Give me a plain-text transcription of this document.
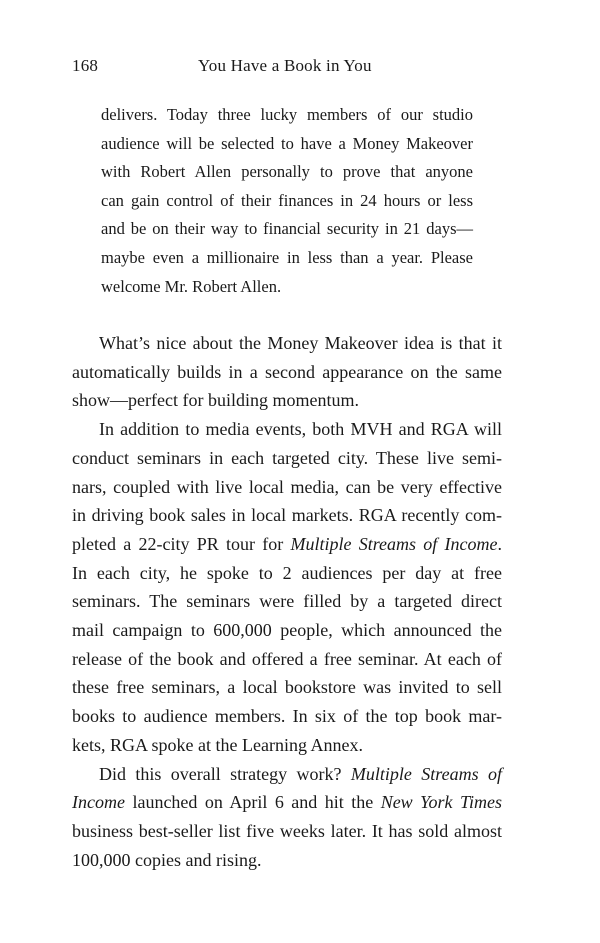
168	You Have a Book in You
delivers. Today three lucky members of our studio
audience will be selected to have a Money Makeover
with Robert Allen personally to prove that anyone
can gain control of their finances in 24 hours or less
and be on their way to financial security in 21 days—
maybe even a millionaire in less than a year. Please
welcome Mr. Robert Allen.
What’s nice about the Money Makeover idea is that it
automatically builds in a second appearance on the same
show—perfect for building momentum.
In addition to media events, both MVH and RGA will
conduct seminars in each targeted city. These live semi-
nars, coupled with live local media, can be very effective
in driving book sales in local markets. RGA recently com-
pleted a 22-city PR tour for Multiple Streams of Income.
In each city, he spoke to 2 audiences per day at free
seminars. The seminars were filled by a targeted direct
mail campaign to 600,000 people, which announced the
release of the book and offered a free seminar. At each of
these free seminars, a local bookstore was invited to sell
books to audience members. In six of the top book mar-
kets, RGA spoke at the Learning Annex.
Did this overall strategy work? Multiple Streams of
Income launched on April 6 and hit the New York Times
business best-seller list five weeks later. It has sold almost
100,000 copies and rising.
